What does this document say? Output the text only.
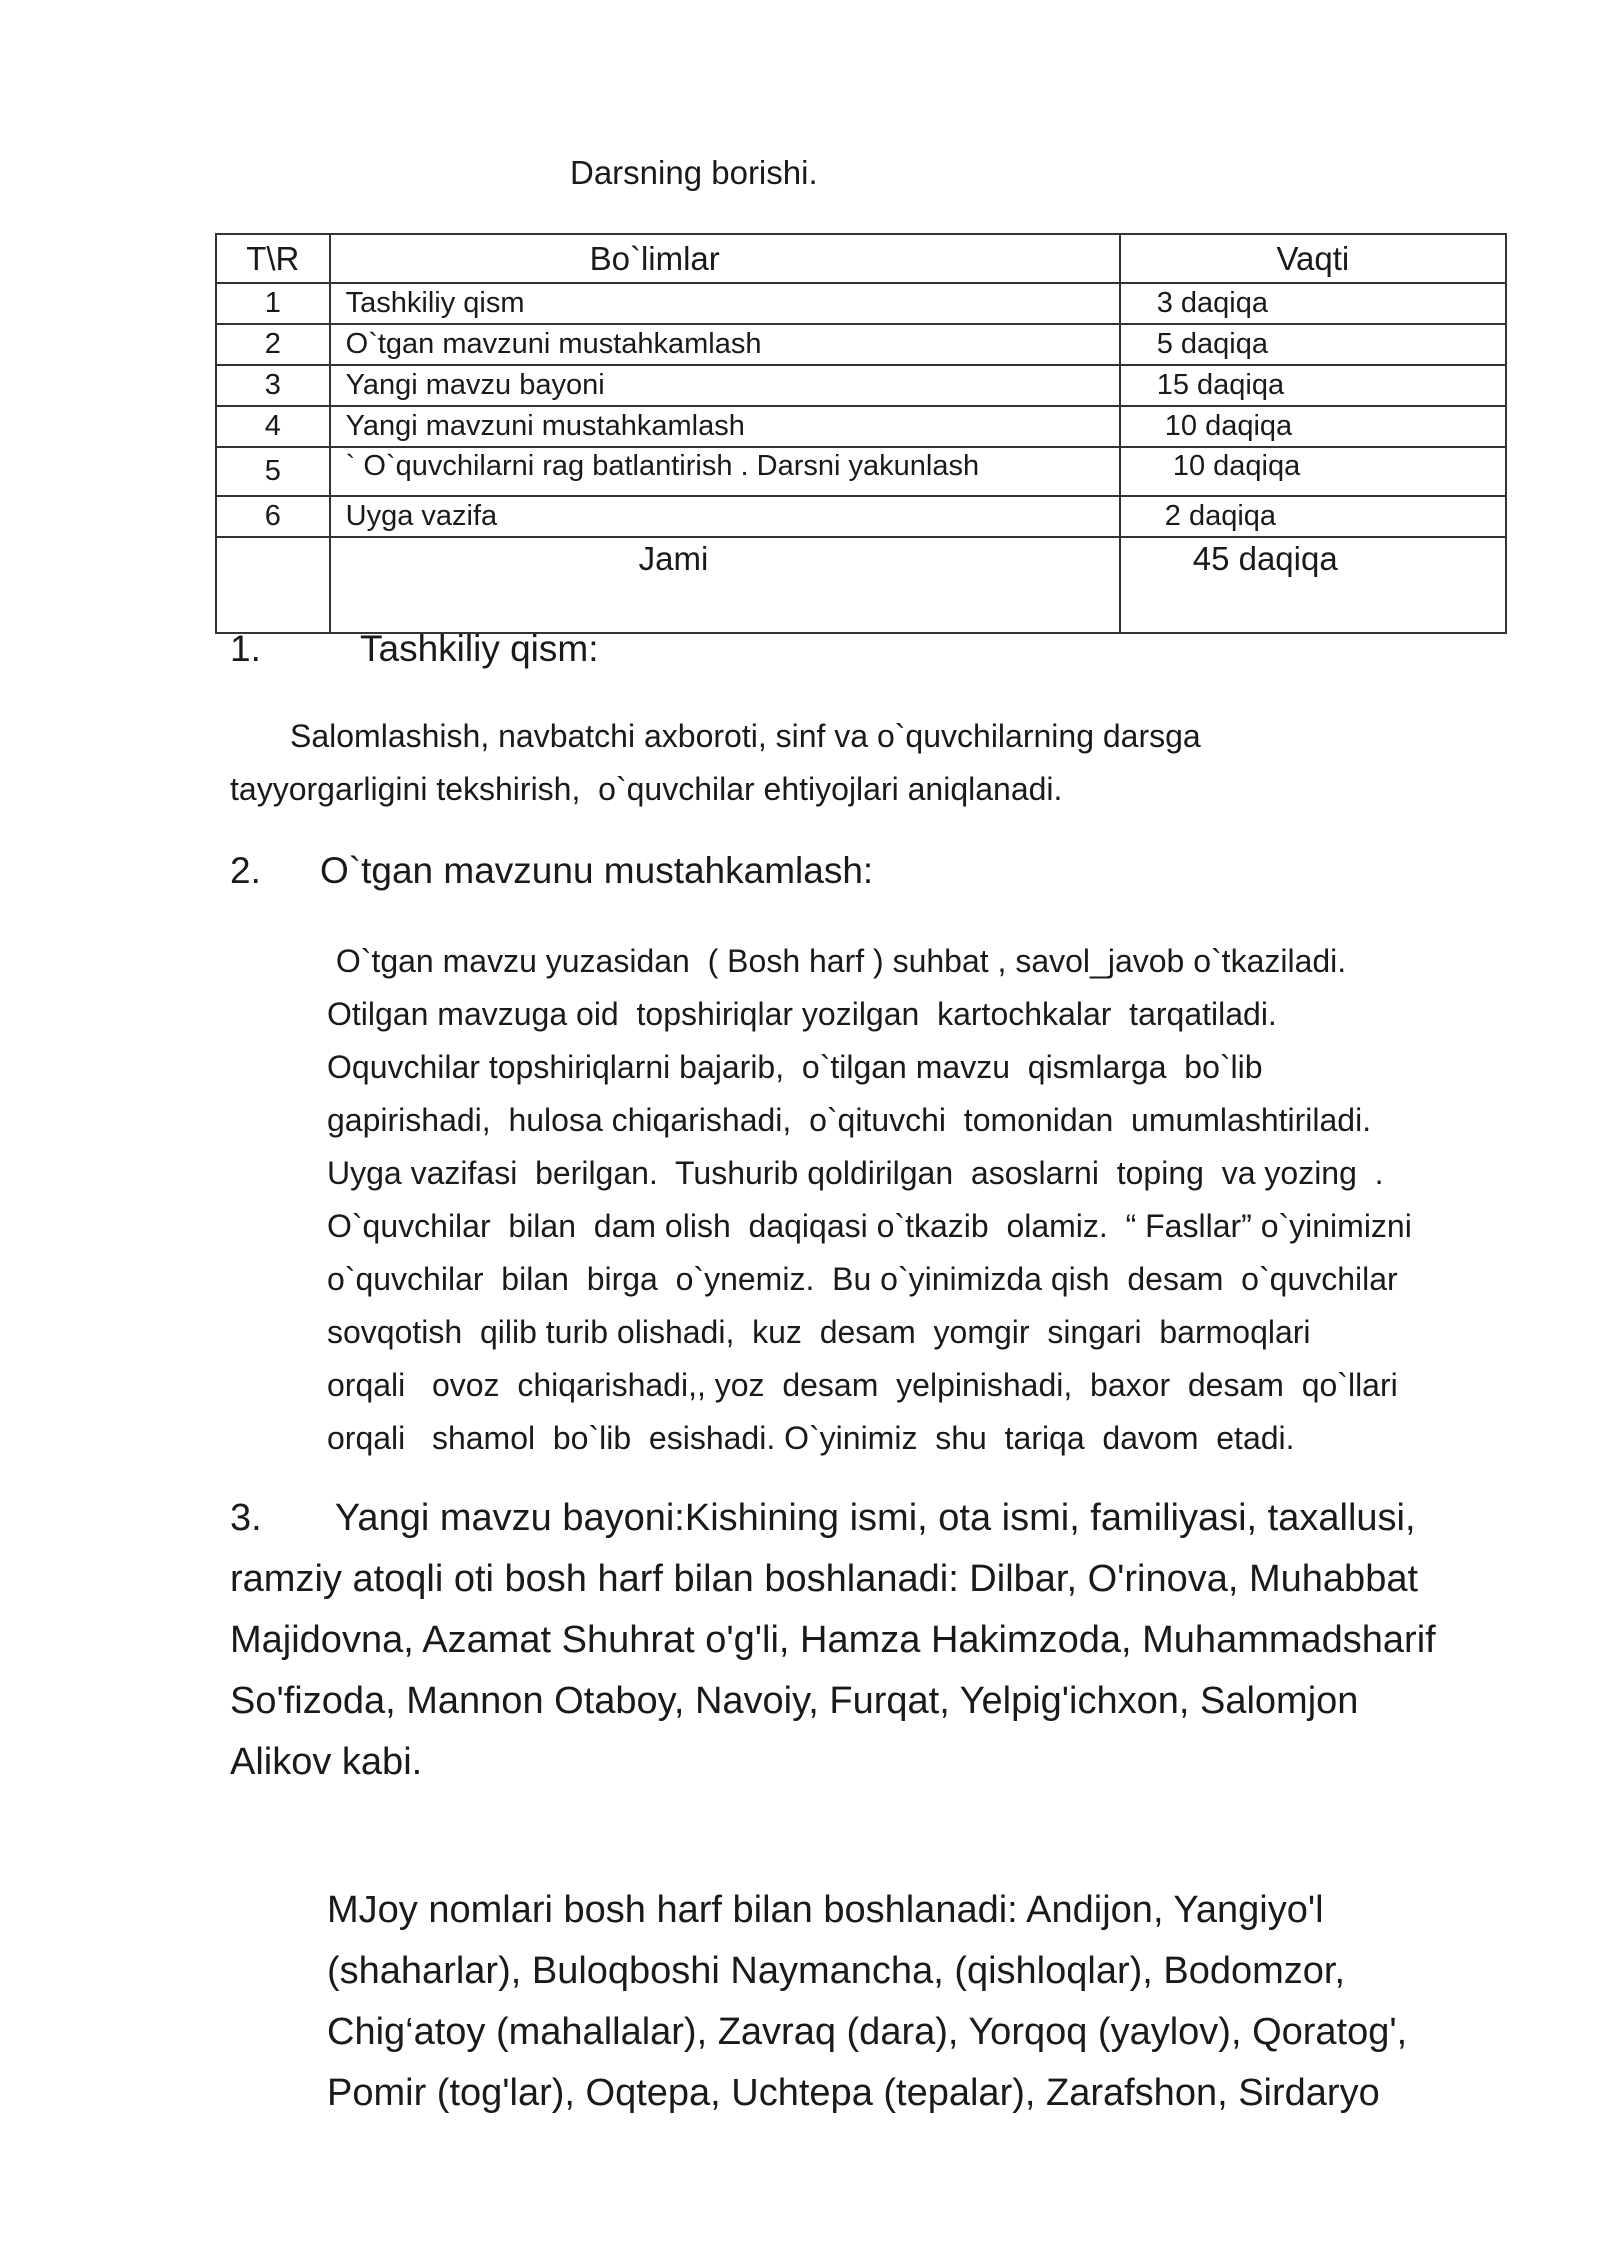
Darsning borishi.
T\R	Bo`limlar	Vaqti
1	Tashkiliy qism	3 daqiqa
2	O`tgan mavzuni mustahkamlash	5 daqiqa
3	Yangi mavzu bayoni	15 daqiqa
4	Yangi mavzuni mustahkamlash	10 daqiqa
5	` O`quvchilarni rag batlantirish . Darsni yakunlash	10 daqiqa
6	Uyga vazifa	2 daqiqa
	Jami	45 daqiqa
1.	Tashkiliy qism:
Salomlashish, navbatchi axboroti, sinf va o`quvchilarning darsga
tayyorgarligini tekshirish,  o`quvchilar ehtiyojlari aniqlanadi.
2. O`tgan mavzunu mustahkamlash:
O`tgan mavzu yuzasidan  ( Bosh harf ) suhbat , savol_javob o`tkaziladi.
Otilgan mavzuga oid  topshiriqlar yozilgan  kartochkalar  tarqatiladi.
Oquvchilar topshiriqlarni bajarib,  o`tilgan mavzu  qismlarga  bo`lib
gapirishadi,  hulosa chiqarishadi,  o`qituvchi  tomonidan  umumlashtiriladi.
Uyga vazifasi  berilgan.  Tushurib qoldirilgan  asoslarni  toping  va yozing  .
O`quvchilar  bilan  dam olish  daqiqasi o`tkazib  olamiz.  “ Fasllar” o`yinimizni
o`quvchilar  bilan  birga  o`ynemiz.  Bu o`yinimizda qish  desam  o`quvchilar
sovqotish  qilib turib olishadi,  kuz  desam  yomgir  singari  barmoqlari
orqali   ovoz  chiqarishadi,, yoz  desam  yelpinishadi,  baxor  desam  qo`llari
orqali   shamol  bo`lib  esishadi. O`yinimiz  shu  tariqa  davom  etadi.
3.       Yangi mavzu bayoni:Kishining ismi, ota ismi, familiyasi, taxallusi,
ramziy atoqli oti bosh harf bilan boshlanadi: Dilbar, O'rinova, Muhabbat
Majidovna, Azamat Shuhrat o'g'li, Hamza Hakimzoda, Muhammadsharif
So'fizoda, Mannon Otaboy, Navoiy, Furqat, Yelpig'ichxon, Salomjon
Alikov kabi.
MJoy nomlari bosh harf bilan boshlanadi: Andijon, Yangiyo'l
(shaharlar), Buloqboshi Naymancha, (qishloqlar), Bodomzor,
Chig‘atoy (mahallalar), Zavraq (dara), Yorqoq (yaylov), Qoratog',
Pomir (tog'lar), Oqtepa, Uchtepa (tepalar), Zarafshon, Sirdaryo
